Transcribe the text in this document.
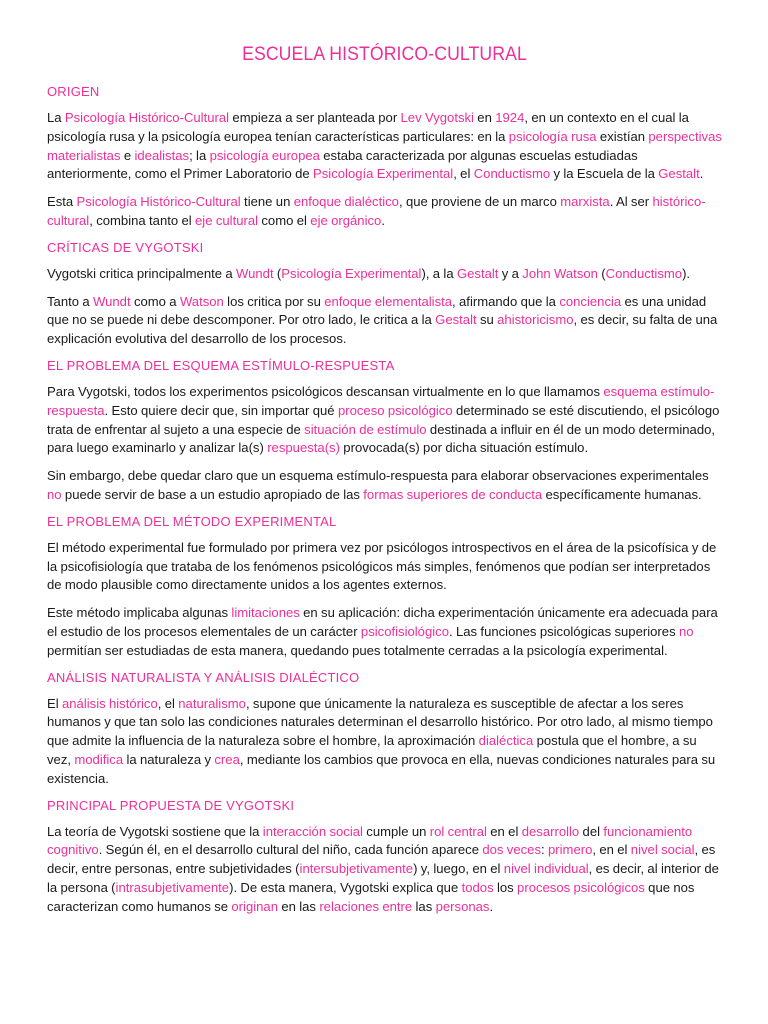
ESCUELA HISTÓRICO-CULTURAL
ORIGEN

La Psicología Histórico-Cultural empieza a ser planteada por Lev Vygotski en 1924, en un contexto en el cual la psicología rusa y la psicología europea tenían características particulares: en la psicología rusa existían perspectivas materialistas e idealistas; la psicología europea estaba caracterizada por algunas escuelas estudiadas anteriormente, como el Primer Laboratorio de Psicología Experimental, el Conductismo y la Escuela de la Gestalt.

Esta Psicología Histórico-Cultural tiene un enfoque dialéctico, que proviene de un marco marxista. Al ser histórico-cultural, combina tanto el eje cultural como el eje orgánico.

CRÍTICAS DE VYGOTSKI

Vygotski critica principalmente a Wundt (Psicología Experimental), a la Gestalt y a John Watson (Conductismo).

Tanto a Wundt como a Watson los critica por su enfoque elementalista, afirmando que la conciencia es una unidad que no se puede ni debe descomponer. Por otro lado, le critica a la Gestalt su ahistoricismo, es decir, su falta de una explicación evolutiva del desarrollo de los procesos.

EL PROBLEMA DEL ESQUEMA ESTÍMULO-RESPUESTA

Para Vygotski, todos los experimentos psicológicos descansan virtualmente en lo que llamamos esquema estímulo-respuesta. Esto quiere decir que, sin importar qué proceso psicológico determinado se esté discutiendo, el psicólogo trata de enfrentar al sujeto a una especie de situación de estímulo destinada a influir en él de un modo determinado, para luego examinarlo y analizar la(s) respuesta(s) provocada(s) por dicha situación estímulo.

Sin embargo, debe quedar claro que un esquema estímulo-respuesta para elaborar observaciones experimentales no puede servir de base a un estudio apropiado de las formas superiores de conducta específicamente humanas.

EL PROBLEMA DEL MÉTODO EXPERIMENTAL

El método experimental fue formulado por primera vez por psicólogos introspectivos en el área de la psicofísica y de la psicofisiología que trataba de los fenómenos psicológicos más simples, fenómenos que podían ser interpretados de modo plausible como directamente unidos a los agentes externos.

Este método implicaba algunas limitaciones en su aplicación: dicha experimentación únicamente era adecuada para el estudio de los procesos elementales de un carácter psicofisiológico. Las funciones psicológicas superiores no permitían ser estudiadas de esta manera, quedando pues totalmente cerradas a la psicología experimental.

ANÁLISIS NATURALISTA Y ANÁLISIS DIALÉCTICO

El análisis histórico, el naturalismo, supone que únicamente la naturaleza es susceptible de afectar a los seres humanos y que tan solo las condiciones naturales determinan el desarrollo histórico. Por otro lado, al mismo tiempo que admite la influencia de la naturaleza sobre el hombre, la aproximación dialéctica postula que el hombre, a su vez, modifica la naturaleza y crea, mediante los cambios que provoca en ella, nuevas condiciones naturales para su existencia.

PRINCIPAL PROPUESTA DE VYGOTSKI

La teoría de Vygotski sostiene que la interacción social cumple un rol central en el desarrollo del funcionamiento cognitivo. Según él, en el desarrollo cultural del niño, cada función aparece dos veces: primero, en el nivel social, es decir, entre personas, entre subjetividades (intersubjetivamente) y, luego, en el nivel individual, es decir, al interior de la persona (intrasubjetivamente). De esta manera, Vygotski explica que todos los procesos psicológicos que nos caracterizan como humanos se originan en las relaciones entre las personas.
